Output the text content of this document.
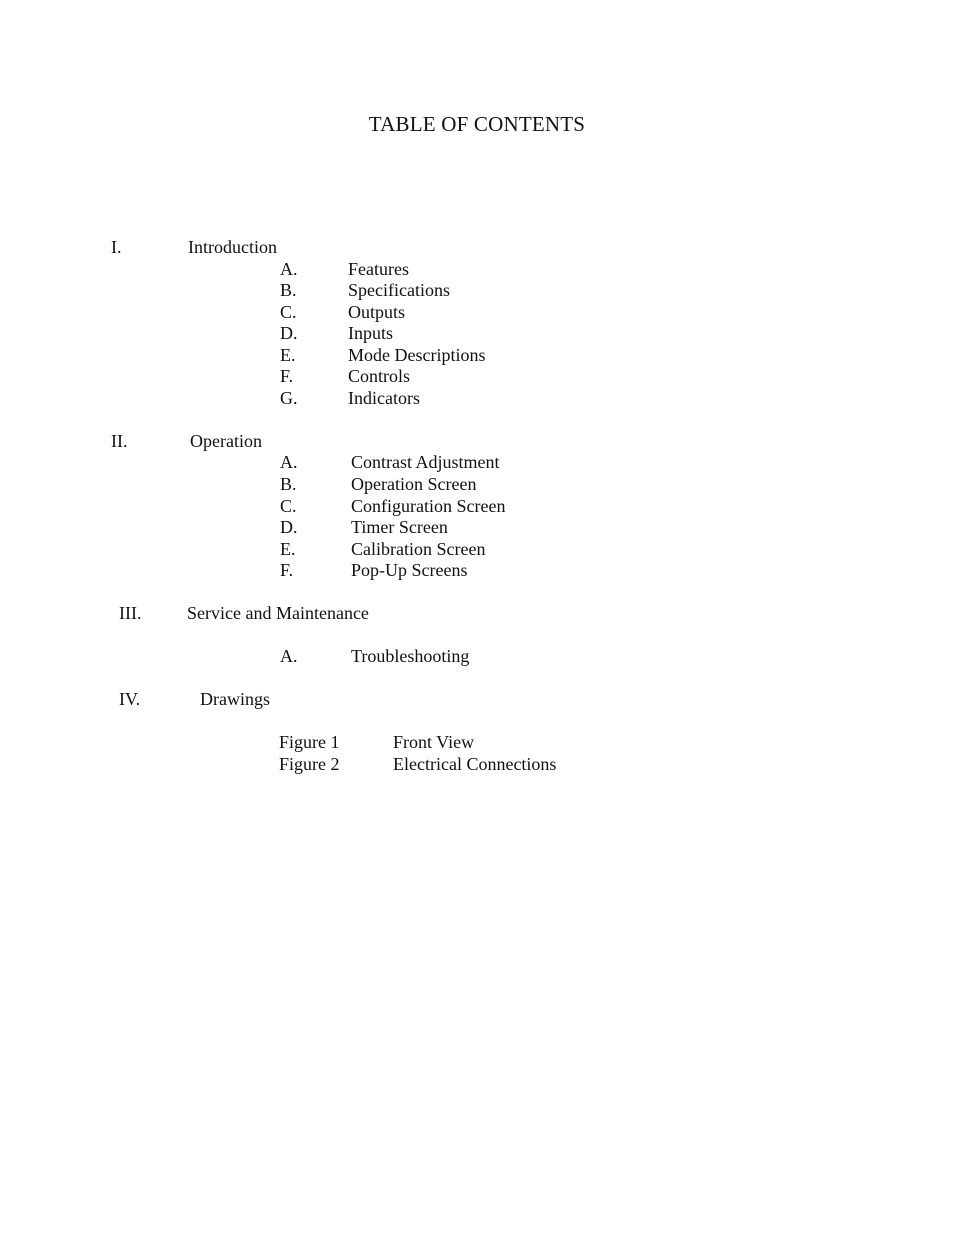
TABLE OF CONTENTS
I.	Introduction
A.	Features
B.	Specifications
C.	Outputs
D.	Inputs
E.	Mode Descriptions
F.	Controls
G.	Indicators
II.	Operation
A.	Contrast Adjustment
B.	Operation Screen
C.	Configuration Screen
D.	Timer Screen
E.	Calibration Screen
F.	Pop-Up Screens
III.	Service and Maintenance
A.	Troubleshooting
IV.	Drawings
Figure 1	Front View
Figure 2	Electrical Connections
